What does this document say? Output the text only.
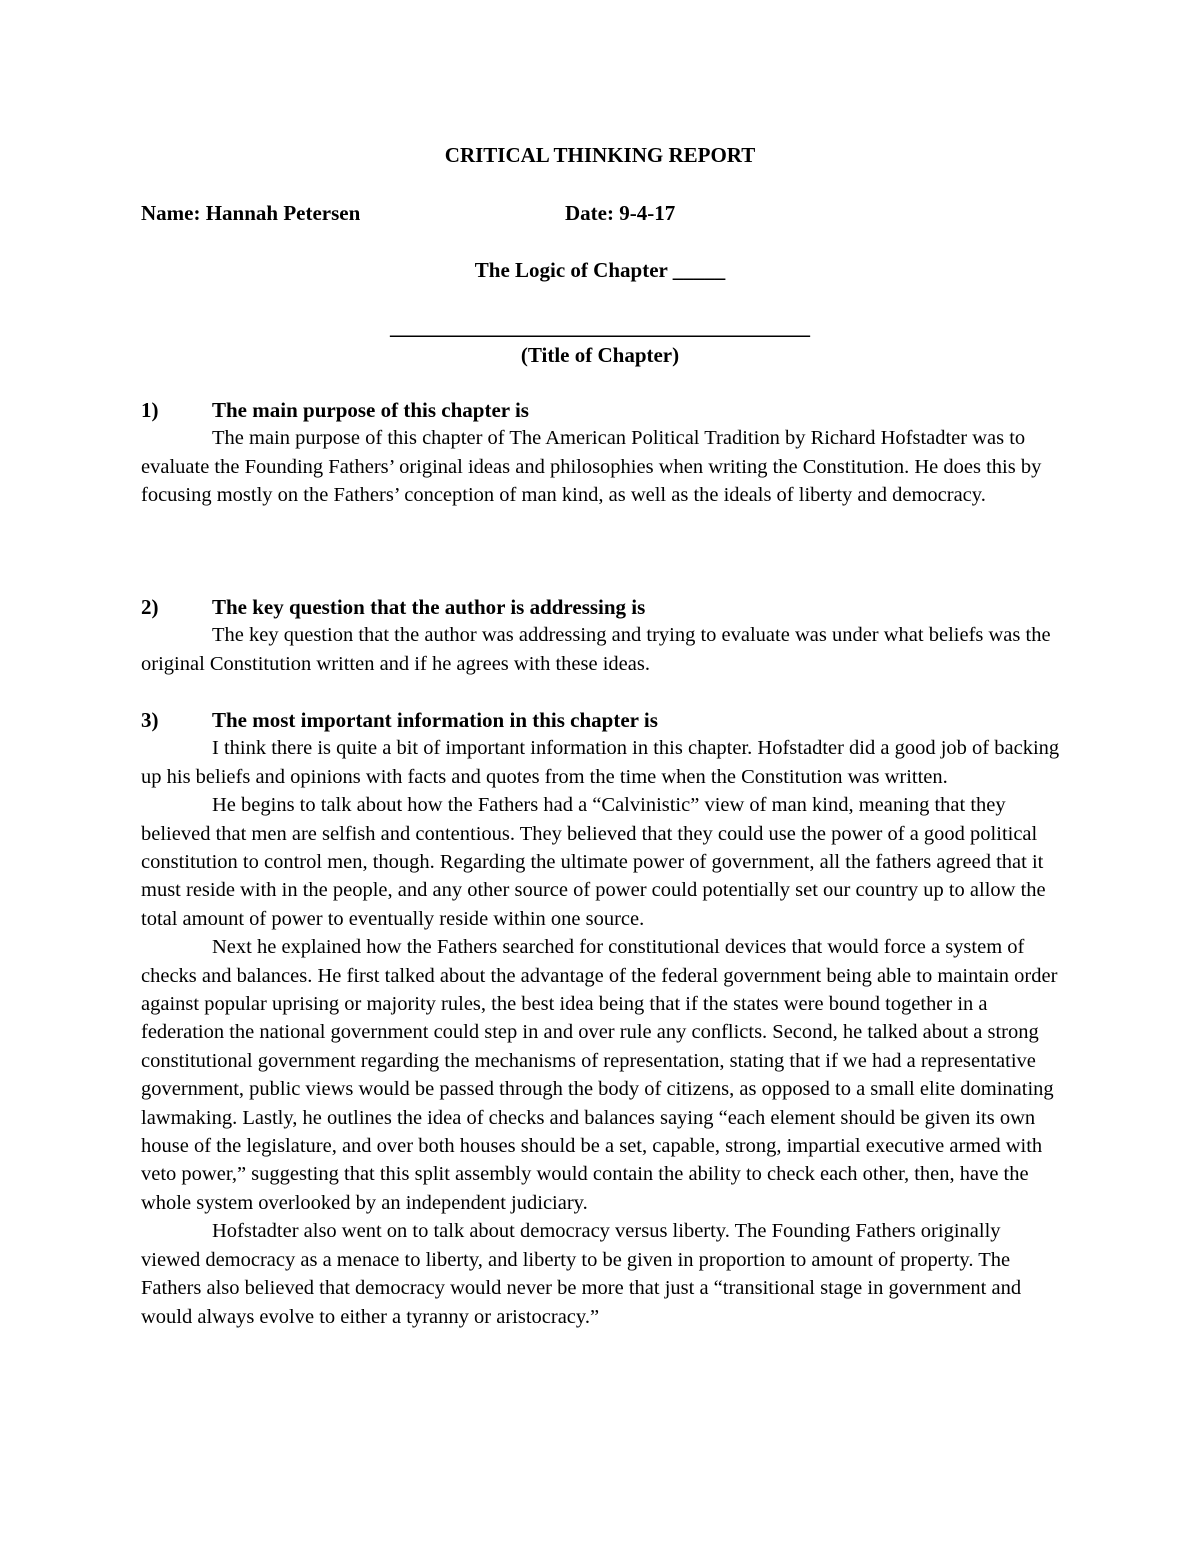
CRITICAL THINKING REPORT
Name: Hannah Petersen	Date: 9-4-17
The Logic of Chapter _____
________________________________________
(Title of Chapter)
1)	The main purpose of this chapter is

The main purpose of this chapter of The American Political Tradition by Richard Hofstadter was to evaluate the Founding Fathers’ original ideas and philosophies when writing the Constitution. He does this by focusing mostly on the Fathers’ conception of man kind, as well as the ideals of liberty and democracy.

2)	The key question that the author is addressing is

The key question that the author was addressing and trying to evaluate was under what beliefs was the original Constitution written and if he agrees with these ideas.

3)	The most important information in this chapter is

I think there is quite a bit of important information in this chapter. Hofstadter did a good job of backing up his beliefs and opinions with facts and quotes from the time when the Constitution was written.

He begins to talk about how the Fathers had a “Calvinistic” view of man kind, meaning that they believed that men are selfish and contentious. They believed that they could use the power of a good political constitution to control men, though. Regarding the ultimate power of government, all the fathers agreed that it must reside with in the people, and any other source of power could potentially set our country up to allow the total amount of power to eventually reside within one source.

Next he explained how the Fathers searched for constitutional devices that would force a system of checks and balances. He first talked about the advantage of the federal government being able to maintain order against popular uprising or majority rules, the best idea being that if the states were bound together in a federation the national government could step in and over rule any conflicts. Second, he talked about a strong constitutional government regarding the mechanisms of representation, stating that if we had a representative government, public views would be passed through the body of citizens, as opposed to a small elite dominating lawmaking. Lastly, he outlines the idea of checks and balances saying “each element should be given its own house of the legislature, and over both houses should be a set, capable, strong, impartial executive armed with veto power,” suggesting that this split assembly would contain the ability to check each other, then, have the whole system overlooked by an independent judiciary.

Hofstadter also went on to talk about democracy versus liberty. The Founding Fathers originally viewed democracy as a menace to liberty, and liberty to be given in proportion to amount of property. The Fathers also believed that democracy would never be more that just a “transitional stage in government and would always evolve to either a tyranny or aristocracy.”
